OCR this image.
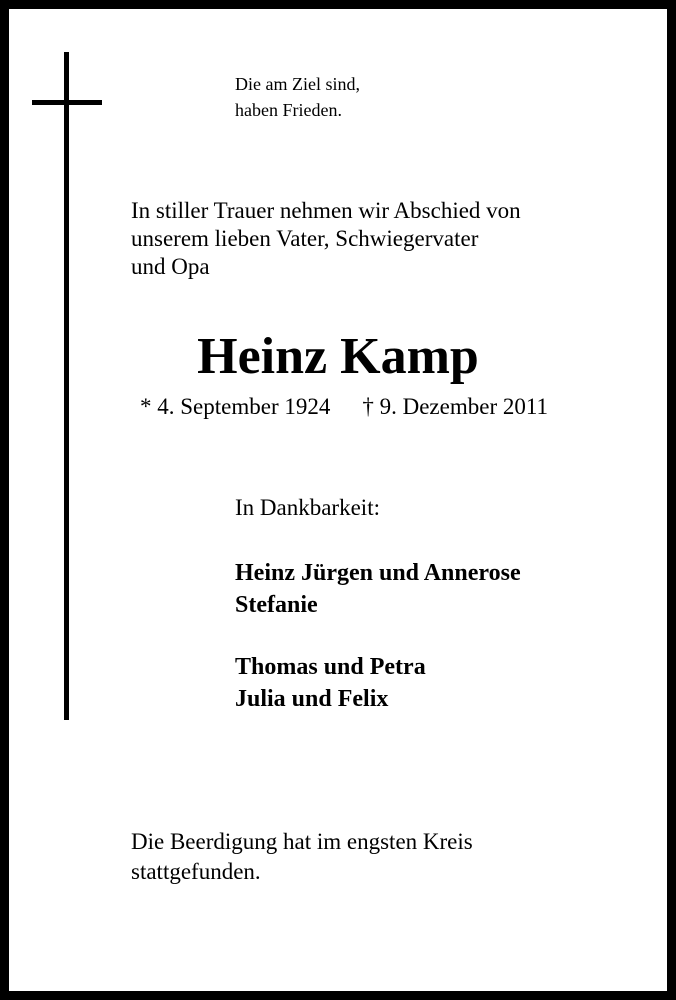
Die am Ziel sind,
haben Frieden.

In stiller Trauer nehmen wir Abschied von
unserem lieben Vater, Schwiegervater
und Opa

Heinz Kamp

* 4. September 1924 † 9. Dezember 2011

In Dankbarkeit:

Heinz Jürgen und Annerose
Stefanie

Thomas und Petra
Julia und Felix

Die Beerdigung hat im engsten Kreis
stattgefunden.
